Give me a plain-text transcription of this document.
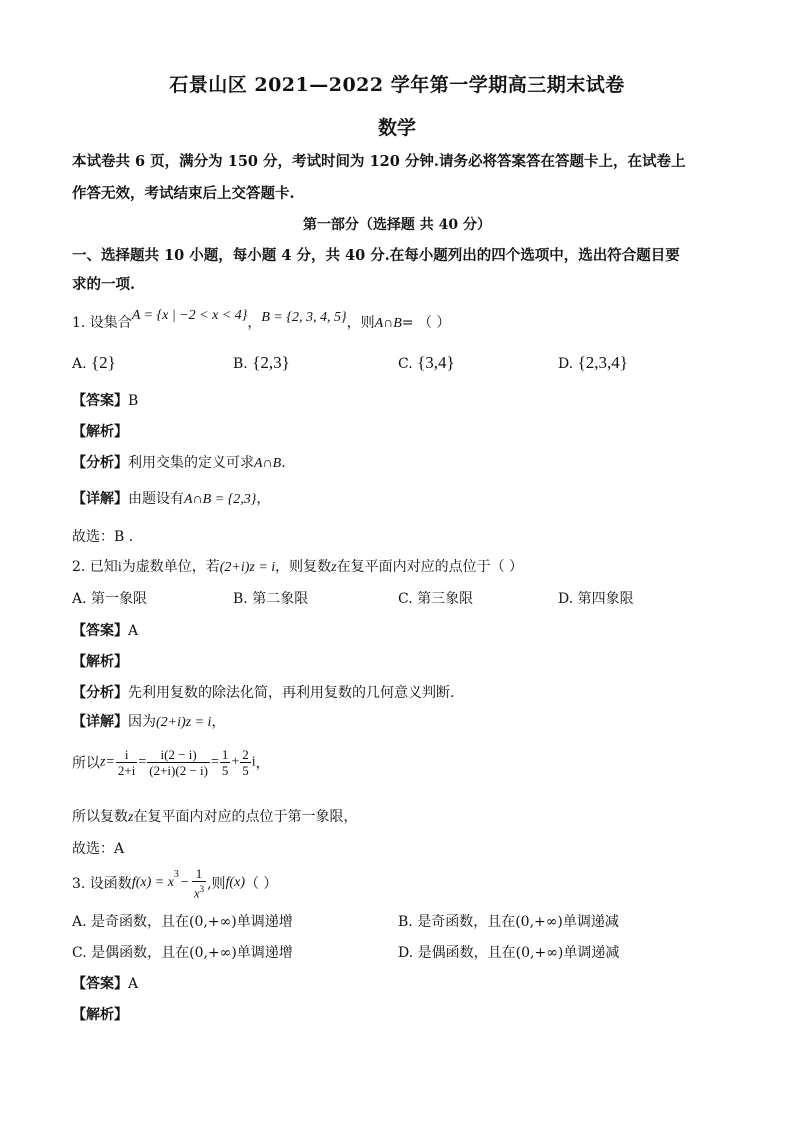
石景山区 2021—2022 学年第一学期高三期末试卷
数学
本试卷共 6 页，满分为 150 分，考试时间为 120 分钟.请务必将答案答在答题卡上，在试卷上
作答无效，考试结束后上交答题卡.
第一部分（选择题 共 40 分）
一、选择题共 10 小题，每小题 4 分，共 40 分.在每小题列出的四个选项中，选出符合题目要
求的一项.
1. 设集合A = {x | −2 < x < 4}，B = {2, 3, 4, 5}，则A∩B= （ ）
A. {2}	B. {2,3}	C. {3,4}	D. {2,3,4}
【答案】B
【解析】
【分析】利用交集的定义可求A∩B.
【详解】由题设有A∩B = {2,3}，
故选：B .
2. 已知i为虚数单位，若(2+i)z = i，则复数z在复平面内对应的点位于（ ）
A. 第一象限	B. 第二象限	C. 第三象限	D. 第四象限
【答案】A
【解析】
【分析】先利用复数的除法化简，再利用复数的几何意义判断.
【详解】因为(2+i)z = i，
所以$z= \frac{i}{2+i} = \frac{i(2 - i)}{(2+i)(2 - i)} = \frac{1}{5} + \frac{2}{5}$ i，
所以复数z在复平面内对应的点位于第一象限，
故选：A
3. 设函数$f(x) = x^3- \frac{1}{x^3}$ ,则f(x)（ ）
A. 是奇函数，且在(0,+∞)单调递增	B. 是奇函数，且在(0,+∞)单调递减
C. 是偶函数，且在(0,+∞)单调递增	D. 是偶函数，且在(0,+∞)单调递减
【答案】A
【解析】
